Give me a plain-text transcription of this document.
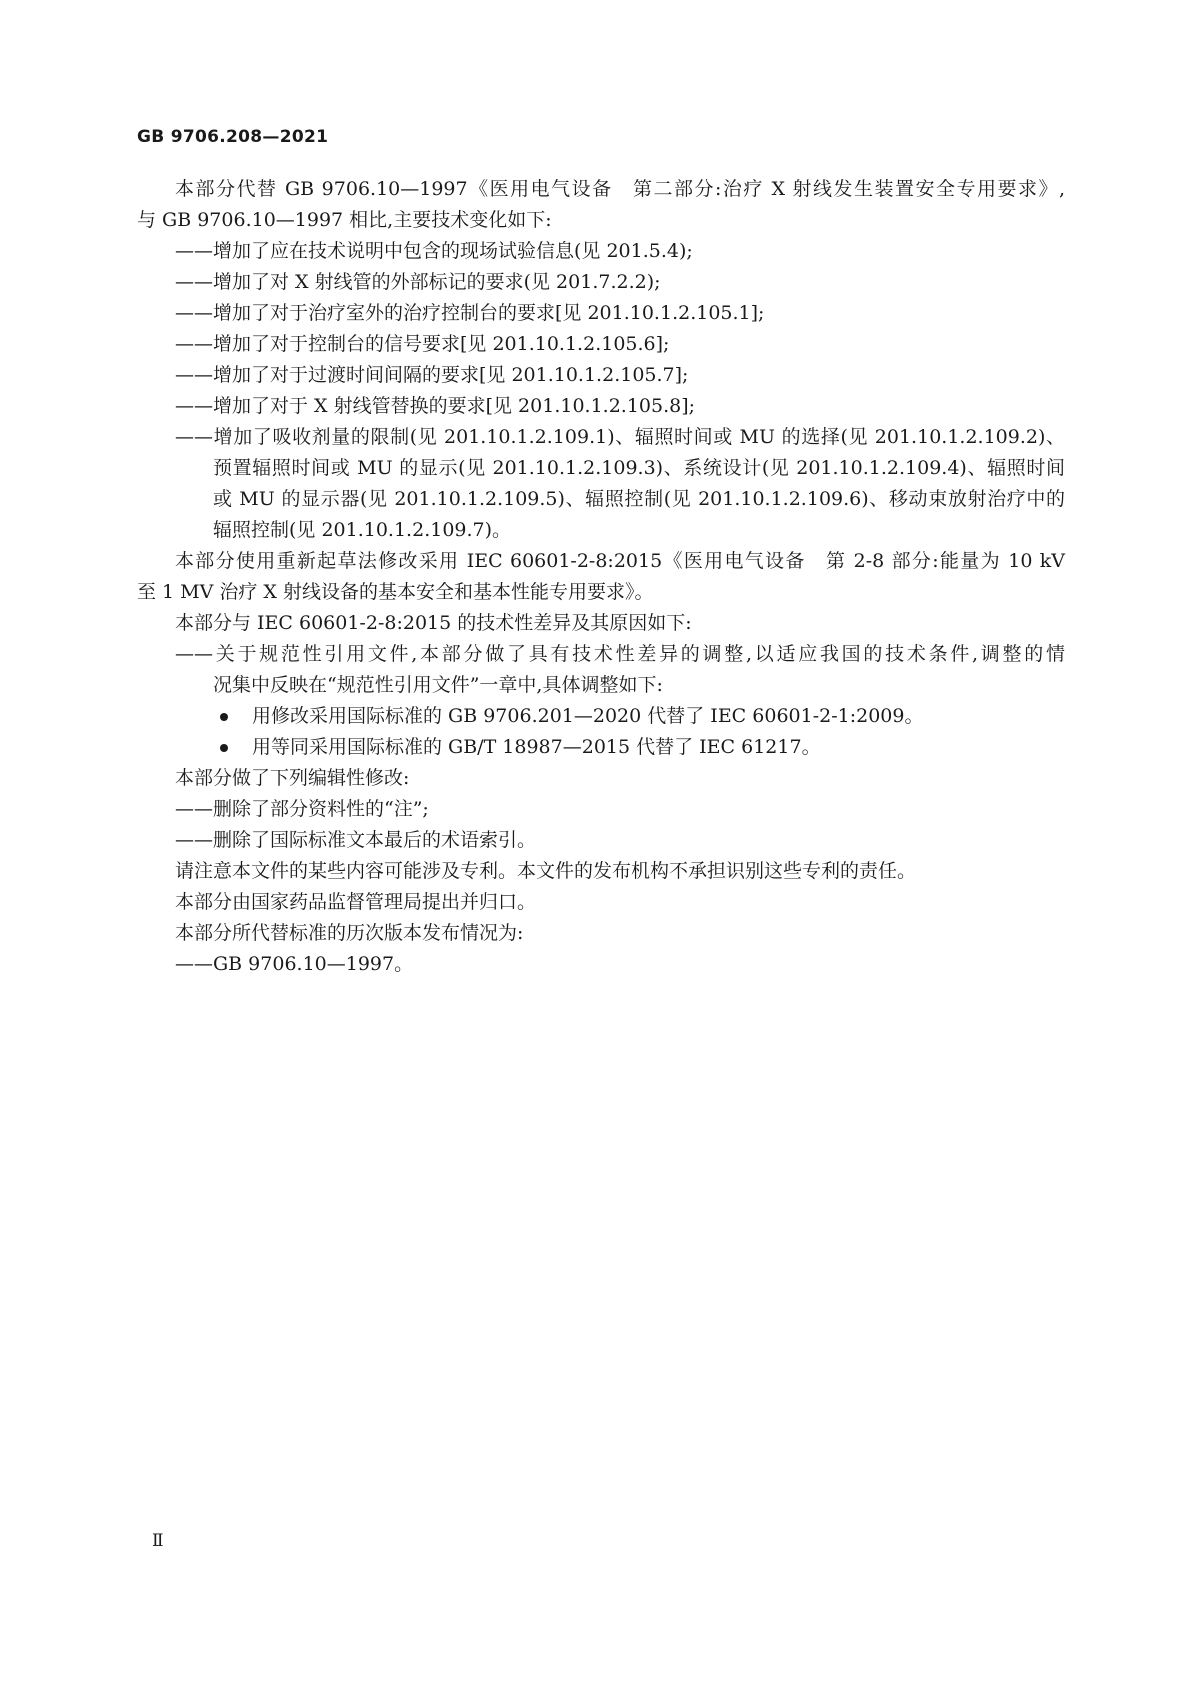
GB 9706.208—2021
本部分代替 GB 9706.10—1997《医用电气设备　第二部分:治疗 X 射线发生装置安全专用要求》,
与 GB 9706.10—1997 相比,主要技术变化如下:
——增加了应在技术说明中包含的现场试验信息(见 201.5.4);
——增加了对 X 射线管的外部标记的要求(见 201.7.2.2);
——增加了对于治疗室外的治疗控制台的要求[见 201.10.1.2.105.1];
——增加了对于控制台的信号要求[见 201.10.1.2.105.6];
——增加了对于过渡时间间隔的要求[见 201.10.1.2.105.7];
——增加了对于 X 射线管替换的要求[见 201.10.1.2.105.8];
——增加了吸收剂量的限制(见 201.10.1.2.109.1)、辐照时间或 MU 的选择(见 201.10.1.2.109.2)、
预置辐照时间或 MU 的显示(见 201.10.1.2.109.3)、系统设计(见 201.10.1.2.109.4)、辐照时间
或 MU 的显示器(见 201.10.1.2.109.5)、辐照控制(见 201.10.1.2.109.6)、移动束放射治疗中的
辐照控制(见 201.10.1.2.109.7)。
本部分使用重新起草法修改采用 IEC 60601-2-8:2015《医用电气设备　第 2-8 部分:能量为 10 kV
至 1 MV 治疗 X 射线设备的基本安全和基本性能专用要求》。
本部分与 IEC 60601-2-8:2015 的技术性差异及其原因如下:
——关于规范性引用文件,本部分做了具有技术性差异的调整,以适应我国的技术条件,调整的情
况集中反映在“规范性引用文件”一章中,具体调整如下:
用修改采用国际标准的 GB 9706.201—2020 代替了 IEC 60601-2-1:2009。
用等同采用国际标准的 GB/T 18987—2015 代替了 IEC 61217。
本部分做了下列编辑性修改:
——删除了部分资料性的“注”;
——删除了国际标准文本最后的术语索引。
请注意本文件的某些内容可能涉及专利。本文件的发布机构不承担识别这些专利的责任。
本部分由国家药品监督管理局提出并归口。
本部分所代替标准的历次版本发布情况为:
——GB 9706.10—1997。
Ⅱ
